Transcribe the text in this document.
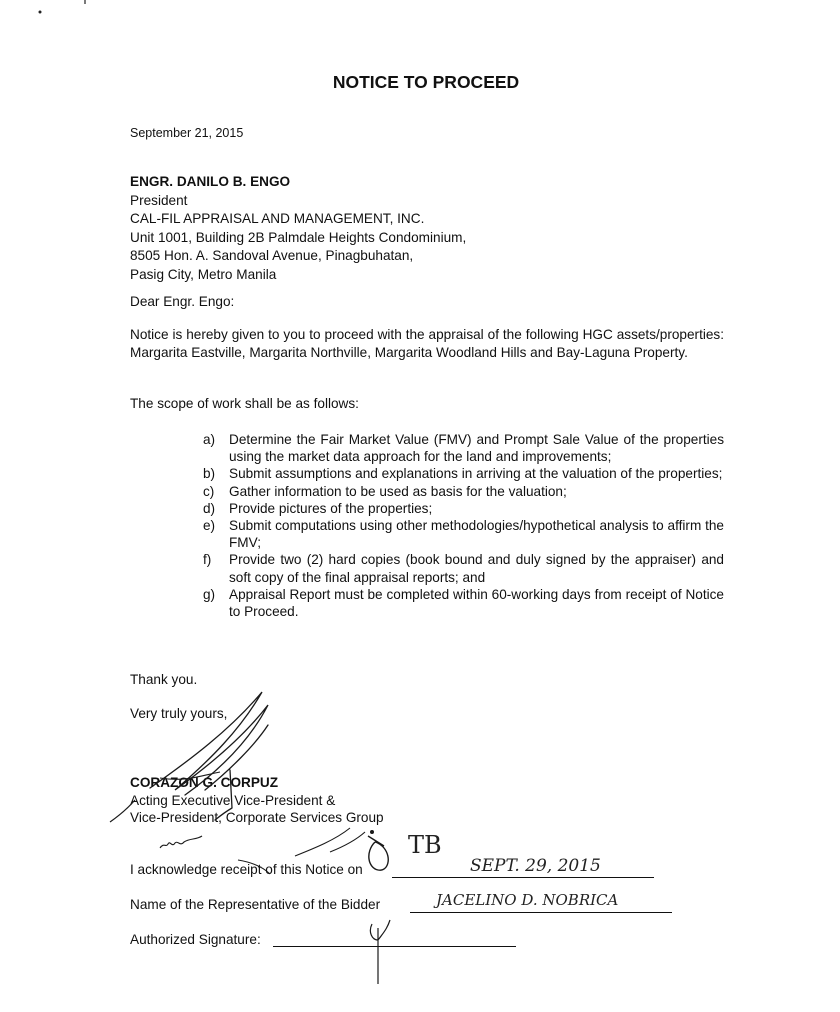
NOTICE TO PROCEED
September 21, 2015
ENGR. DANILO B. ENGO
President
CAL-FIL APPRAISAL AND MANAGEMENT, INC.
Unit 1001, Building 2B Palmdale Heights Condominium,
8505 Hon. A. Sandoval Avenue, Pinagbuhatan,
Pasig City, Metro Manila
Dear Engr. Engo:
Notice is hereby given to you to proceed with the appraisal of the following HGC assets/properties: Margarita Eastville, Margarita Northville, Margarita Woodland Hills and Bay-Laguna Property.
The scope of work shall be as follows:
a) Determine the Fair Market Value (FMV) and Prompt Sale Value of the properties using the market data approach for the land and improvements;
b) Submit assumptions and explanations in arriving at the valuation of the properties;
c) Gather information to be used as basis for the valuation;
d) Provide pictures of the properties;
e) Submit computations using other methodologies/hypothetical analysis to affirm the FMV;
f) Provide two (2) hard copies (book bound and duly signed by the appraiser) and soft copy of the final appraisal reports; and
g) Appraisal Report must be completed within 60-working days from receipt of Notice to Proceed.
Thank you.
Very truly yours,
CORAZON G. CORPUZ
Acting Executive Vice-President &
Vice-President, Corporate Services Group
I acknowledge receipt of this Notice on	SEPT. 29, 2015
Name of the Representative of the Bidder	JACELINO D. NOBRICA
Authorized Signature:
TB
